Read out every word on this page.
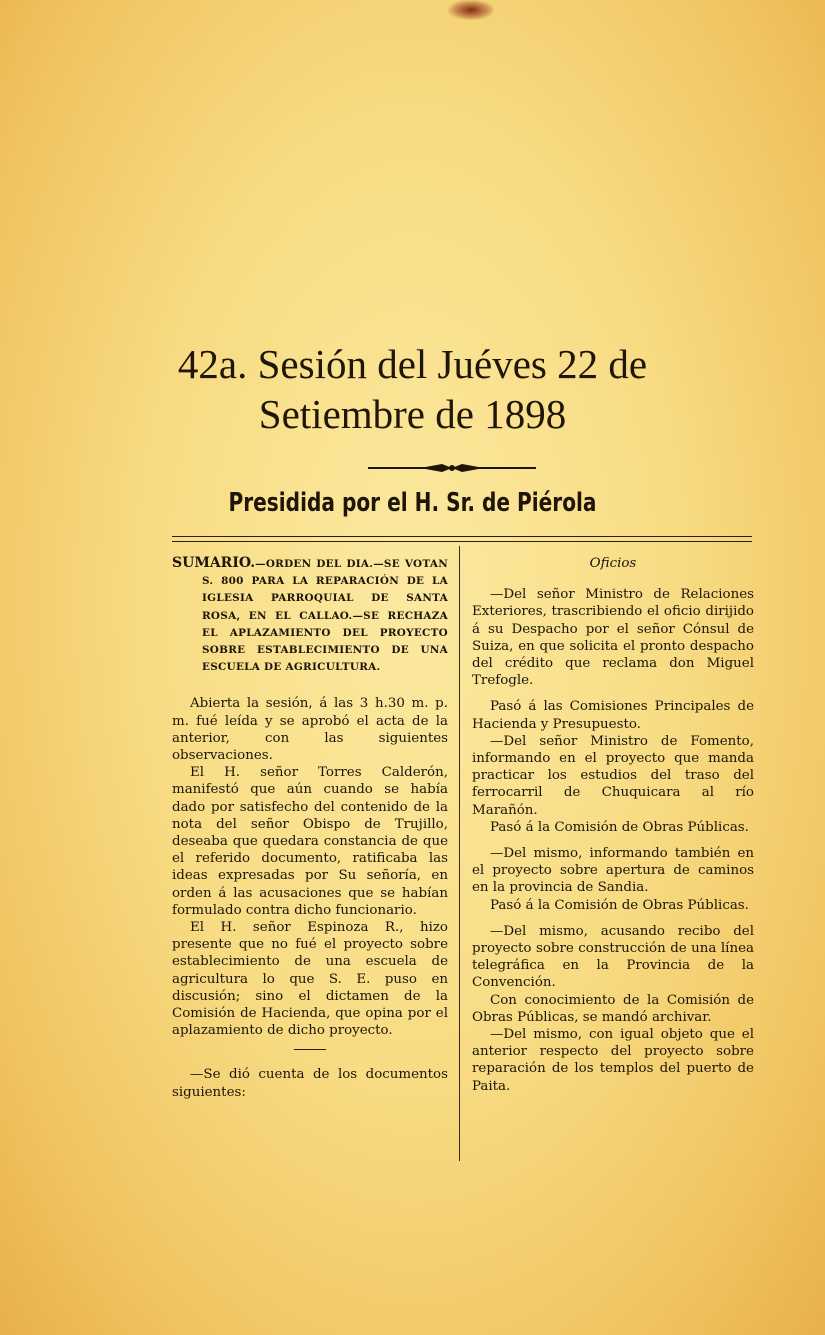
42a. Sesión del Juéves 22 de
Setiembre de 1898
Presidida por el H. Sr. de Piérola

SUMARIO.—ORDEN DEL DIA.—SE VOTAN S. 800 PARA LA REPARACIÓN DE LA IGLESIA PARROQUIAL DE SANTA ROSA, EN EL CALLAO.—SE RECHAZA EL APLAZAMIENTO DEL PROYECTO SOBRE ESTABLECIMIENTO DE UNA ESCUELA DE AGRICULTURA.

Abierta la sesión, á las 3 h.30 m. p. m. fué leída y se aprobó el acta de la anterior, con las siguientes observaciones.

El H. señor Torres Calderón, manifestó que aún cuando se había dado por satisfecho del contenido de la nota del señor Obispo de Trujillo, deseaba que quedara constancia de que el referido documento, ratificaba las ideas expresadas por Su señoría, en orden á las acusaciones que se habían formulado contra dicho funcionario.

El H. señor Espinoza R., hizo presente que no fué el proyecto sobre establecimiento de una escuela de agricultura lo que S. E. puso en discusión; sino el dictamen de la Comisión de Hacienda, que opina por el aplazamiento de dicho proyecto.

—Se dió cuenta de los documentos siguientes:

Oficios

—Del señor Ministro de Relaciones Exteriores, trascribiendo el oficio dirijido á su Despacho por el señor Cónsul de Suiza, en que solicita el pronto despacho del crédito que reclama don Miguel Trefogle.

Pasó á las Comisiones Principales de Hacienda y Presupuesto.

—Del señor Ministro de Fomento, informando en el proyecto que manda practicar los estudios del traso del ferrocarril de Chuquicara al río Marañón.

Pasó á la Comisión de Obras Públicas.

—Del mismo, informando también en el proyecto sobre apertura de caminos en la provincia de Sandia.

Pasó á la Comisión de Obras Públicas.

—Del mismo, acusando recibo del proyecto sobre construcción de una línea telegráfica en la Provincia de la Convención.

Con conocimiento de la Comisión de Obras Públicas, se mandó archivar.

—Del mismo, con igual objeto que el anterior respecto del proyecto sobre reparación de los templos del puerto de Paita.
